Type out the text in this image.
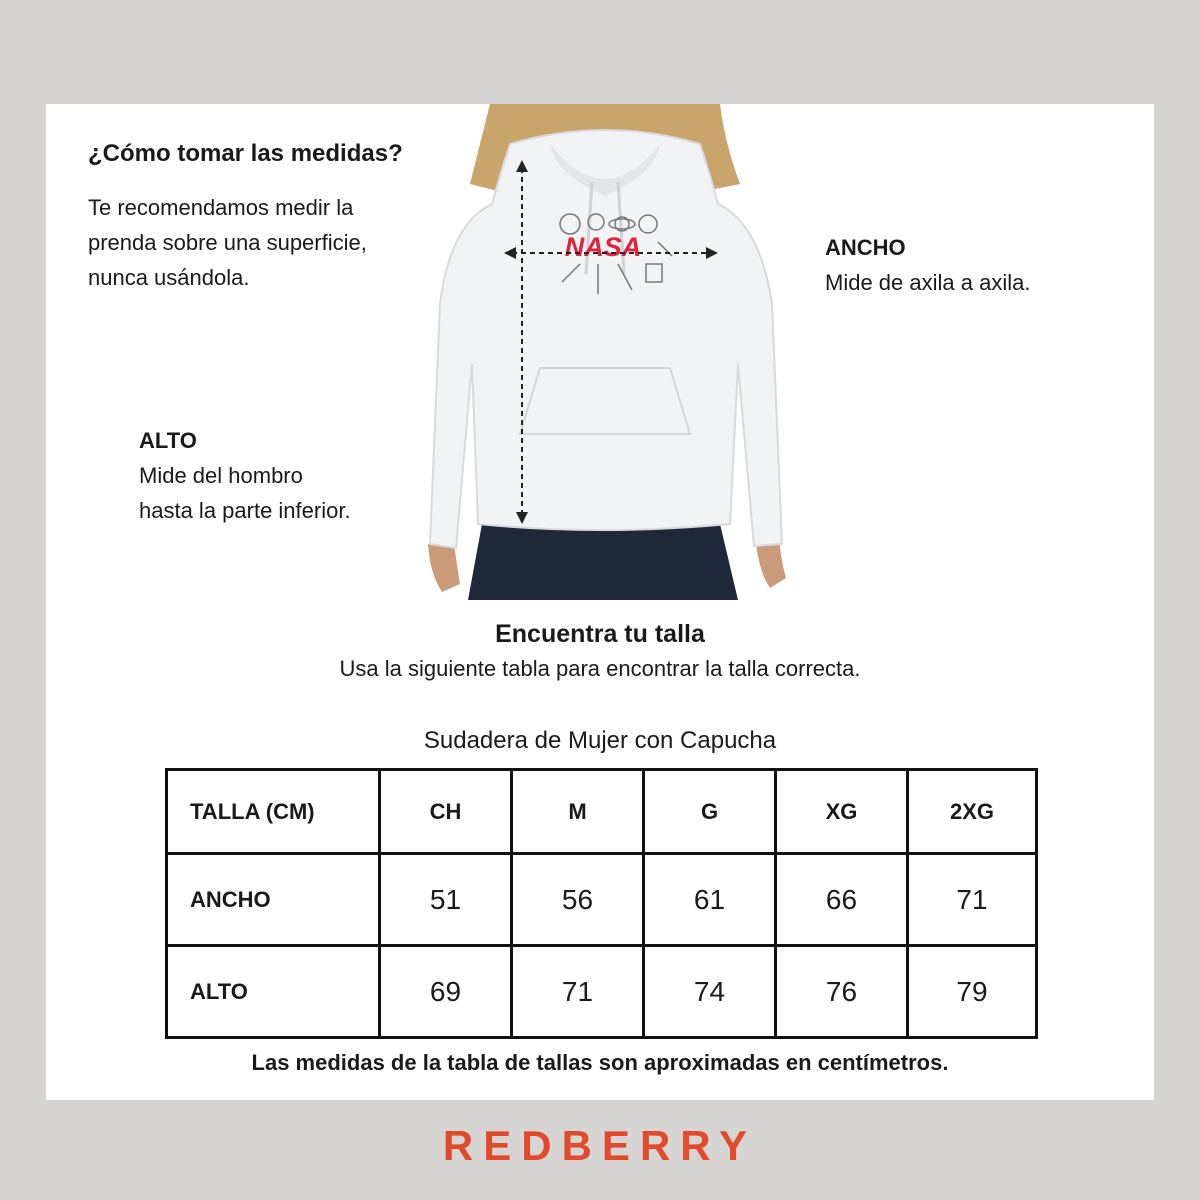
NASA
¿Cómo tomar las medidas?
Te recomendamos medir la
prenda sobre una superficie,
nunca usándola.
ANCHO
Mide de axila a axila.
ALTO
Mide del hombro
hasta la parte inferior.
Encuentra tu talla
Usa la siguiente tabla para encontrar la talla correcta.
Sudadera de Mujer con Capucha
TALLA (CM)	CH	M	G	XG	2XG
ANCHO	51	56	61	66	71
ALTO	69	71	74	76	79
Las medidas de la tabla de tallas son aproximadas en centímetros.
REDBERRY
